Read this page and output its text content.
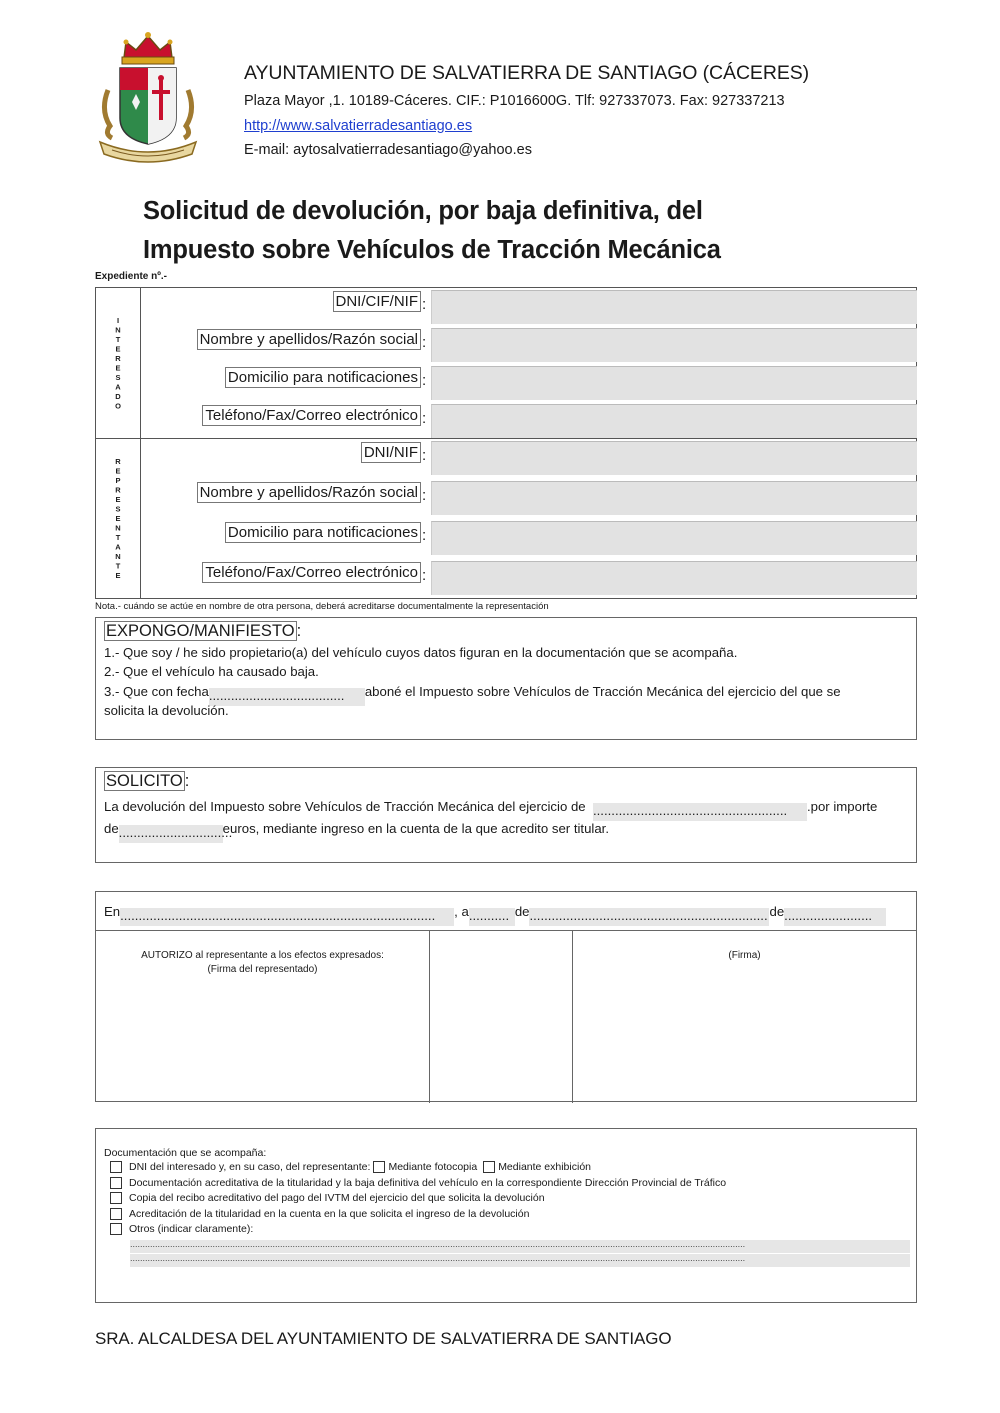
AYUNTAMIENTO DE SALVATIERRA DE SANTIAGO (CÁCERES)
Plaza Mayor ,1. 10189-Cáceres. CIF.: P1016600G. Tlf: 927337073. Fax: 927337213
http://www.salvatierradesantiago.es
E-mail: aytosalvatierradesantiago@yahoo.es
Solicitud de devolución, por baja definitiva, del
Impuesto sobre Vehículos de Tracción Mecánica
Expediente nº.-
INTERESADO
DNI/CIF/NIF :
Nombre y apellidos/Razón social :
Domicilio para notificaciones :
Teléfono/Fax/Correo electrónico :
REPRESENTANTE
DNI/NIF :
Nombre y apellidos/Razón social :
Domicilio para notificaciones :
Teléfono/Fax/Correo electrónico :
Nota.- cuándo se actúe en nombre de otra persona, deberá acreditarse documentalmente la representación
EXPONGO/MANIFIESTO :
1.- Que soy / he sido propietario(a) del vehículo cuyos datos figuran en la documentación que se acompaña.
2.- Que el vehículo ha causado baja.
3.- Que con fecha..................................... aboné el Impuesto sobre Vehículos de Tracción Mecánica del ejercicio del que se
solicita la devolución.
SOLICITO :
La devolución del Impuesto sobre Vehículos de Tracción Mecánica del ejercicio de ..................................................... .por importe
de...............................euros, mediante ingreso en la cuenta de la que acredito ser titular.
En...................................................................................... , a........... de................................................................. de........................
AUTORIZO al representante a los efectos expresados:
(Firma del representado)
(Firma)
Documentación que se acompaña:
DNI del interesado y, en su caso, del representante: Mediante fotocopia Mediante exhibición
Documentación acreditativa de la titularidad y la baja definitiva del vehículo en la correspondiente Dirección Provincial de Tráfico
Copia del recibo acreditativo del pago del IVTM del ejercicio del que solicita la devolución
Acreditación de la titularidad en la cuenta en la que solicita el ingreso de la devolución
Otros (indicar claramente):
......................................................................................................................................................................................................................................................
......................................................................................................................................................................................................................................................
SRA. ALCALDESA DEL AYUNTAMIENTO DE SALVATIERRA DE SANTIAGO
